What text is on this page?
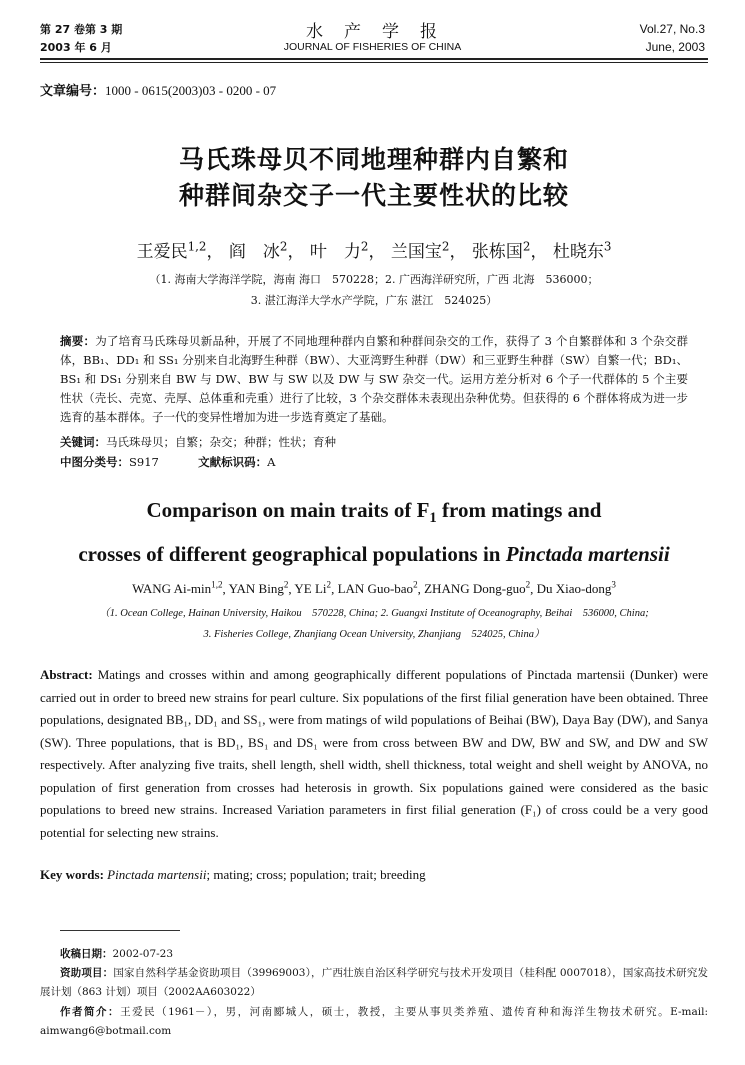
第 27 卷第 3 期
2003 年 6 月
水　产　学　报
JOURNAL OF FISHERIES OF CHINA
Vol.27, No.3
June, 2003
文章编号：1000 - 0615(2003)03 - 0200 - 07
马氏珠母贝不同地理种群内自繁和
种群间杂交子一代主要性状的比较
王爱民$^{1,2}$， 阎　冰$^2$， 叶　力$^2$， 兰国宝$^2$， 张栋国$^2$， 杜晓东$^3$
（1. 海南大学海洋学院，海南 海口　570228；2. 广西海洋研究所，广西 北海　536000；
3. 湛江海洋大学水产学院，广东 湛江　524025）
摘要：为了培育马氏珠母贝新品种，开展了不同地理种群内自繁和种群间杂交的工作，获得了 3 个自繁群体和 3 个杂交群体，BB₁、DD₁ 和 SS₁ 分别来自北海野生种群（BW）、大亚湾野生种群（DW）和三亚野生种群（SW）自繁一代；BD₁、BS₁ 和 DS₁ 分别来自 BW 与 DW、BW 与 SW 以及 DW 与 SW 杂交一代。运用方差分析对 6 个子一代群体的 5 个主要性状（壳长、壳宽、壳厚、总体重和壳重）进行了比较，3 个杂交群体未表现出杂种优势。但获得的 6 个群体将成为进一步选育的基本群体。子一代的变异性增加为进一步选育奠定了基础。
关键词：马氏珠母贝；自繁；杂交；种群；性状；育种
中图分类号：S917	文献标识码：A
Comparison on main traits of $F_1$ from matings and
crosses of different geographical populations in Pinctada martensii
WANG $Ai-\min^{1,2}$, YAN Bing$^2$, YE Li$^2$, LAN Guo-bao$^2$, ZHANG Dong-guo$^2$, Du Xiao-dong$^3$
（1. Ocean College, Hainan University, Haikou　570228, China; 2. Guangxi Institute of Oceanography, Beihai　536000, China;
3. Fisheries College, Zhanjiang Ocean University, Zhanjiang　524025, China）
Abstract: Matings and crosses within and among geographically different populations of Pinctada martensii (Dunker) were carried out in order to breed new strains for pearl culture. Six populations of the first filial generation have been obtained. Three populations, designated BB₁, DD₁ and SS₁, were from matings of wild populations of Beihai (BW), Daya Bay (DW), and Sanya (SW). Three populations, that is BD₁, BS₁ and DS₁ were from cross between BW and DW, BW and SW, and DW and SW respectively. After analyzing five traits, shell length, shell width, shell thickness, total weight and shell weight by ANOVA, no population of first generation from crosses had heterosis in growth. Six populations gained were considered as the basic populations to breed new strains. Increased Variation parameters in first filial generation (F₁) of cross could be a very good potential for selecting new strains.
Key words: Pinctada martensii; mating; cross; population; trait; breeding
收稿日期：2002-07-23
资助项目：国家自然科学基金资助项目（39969003），广西壮族自治区科学研究与技术开发项目（桂科配 0007018），国家高技术研究发展计划（863 计划）项目（2002AA603022）
作者简介：王爱民（1961－），男，河南郾城人，硕士，教授，主要从事贝类养殖、遗传育种和海洋生物技术研究。E-mail: aimwang6@botmail.com
